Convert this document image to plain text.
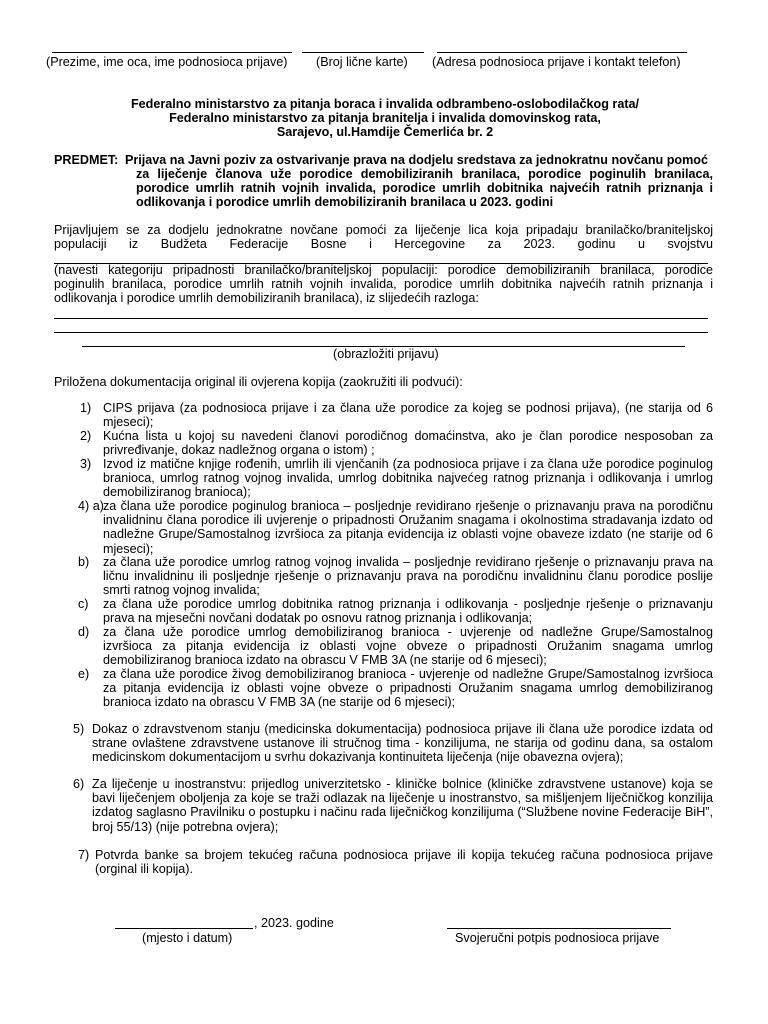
(Prezime, ime oca, ime podnosioca prijave) (Broj lične karte) (Adresa podnosioca prijave i kontakt telefon)
Federalno ministarstvo za pitanja boraca i invalida odbrambeno-oslobodilačkog rata/
Federalno ministarstvo za pitanja branitelja i invalida domovinskog rata,
Sarajevo, ul.Hamdije Čemerlića br. 2
PREDMET: Prijava na Javni poziv za ostvarivanje prava na dodjelu sredstava za jednokratnu novčanu pomoć
za liječenje članova uže porodice demobiliziranih branilaca, porodice poginulih branilaca, porodice umrlih ratnih vojnih invalida, porodice umrlih dobitnika najvećih ratnih priznanja i odlikovanja i porodice umrlih demobiliziranih branilaca u 2023. godini
Prijavljujem se za dodjelu jednokratne novčane pomoći za liječenje lica koja pripadaju branilačko/braniteljskoj
populaciji iz Budžeta Federacije Bosne i Hercegovine za 2023. godinu u svojstvu
(navesti kategoriju pripadnosti branilačko/braniteljskoj populaciji: porodice demobiliziranih branilaca, porodice poginulih branilaca, porodice umrlih ratnih vojnih invalida, porodice umrlih dobitnika najvećih ratnih priznanja i odlikovanja i porodice umrlih demobiliziranih branilaca), iz slijedećih razloga:
(obrazložiti prijavu)
Priložena dokumentacija original ili ovjerena kopija (zaokružiti ili podvući):
1) CIPS prijava (za podnosioca prijave i za člana uže porodice za kojeg se podnosi prijava), (ne starija od 6 mjeseci);
2) Kućna lista u kojoj su navedeni članovi porodičnog domaćinstva, ako je član porodice nesposoban za privređivanje, dokaz nadležnog organa o istom) ;
3) Izvod iz matične knjige rođenih, umrlih ili vjenčanih (za podnosioca prijave i za člana uže porodice poginulog branioca, umrlog ratnog vojnog invalida, umrlog dobitnika najvećeg ratnog priznanja i odlikovanja i umrlog demobiliziranog branioca);
4) a) za člana uže porodice poginulog branioca – posljednje revidirano rješenje o priznavanju prava na porodičnu invalidninu člana porodice ili uvjerenje o pripadnosti Oružanim snagama i okolnostima stradavanja izdato od nadležne Grupe/Samostalnog izvršioca za pitanja evidencija iz oblasti vojne obaveze izdato (ne starije od 6 mjeseci);
b) za člana uže porodice umrlog ratnog vojnog invalida – posljednje revidirano rješenje o priznavanju prava na ličnu invalidninu ili posljednje rješenje o priznavanju prava na porodičnu invalidninu članu porodice poslije smrti ratnog vojnog invalida;
c) za člana uže porodice umrlog dobitnika ratnog priznanja i odlikovanja - posljednje rješenje o priznavanju prava na mjesečni novčani dodatak po osnovu ratnog priznanja i odlikovanja;
d) za člana uže porodice umrlog demobiliziranog branioca - uvjerenje od nadležne Grupe/Samostalnog izvršioca za pitanja evidencija iz oblasti vojne obveze o pripadnosti Oružanim snagama umrlog demobiliziranog branioca izdato na obrascu V FMB 3A (ne starije od 6 mjeseci);
e) za člana uže porodice živog demobiliziranog branioca - uvjerenje od nadležne Grupe/Samostalnog izvršioca za pitanja evidencija iz oblasti vojne obveze o pripadnosti Oružanim snagama umrlog demobiliziranog branioca izdato na obrascu V FMB 3A (ne starije od 6 mjeseci);
5) Dokaz o zdravstvenom stanju (medicinska dokumentacija) podnosioca prijave ili člana uže porodice izdata od strane ovlaštene zdravstvene ustanove ili stručnog tima - konzilijuma, ne starija od godinu dana, sa ostalom medicinskom dokumentacijom u svrhu dokazivanja kontinuiteta liječenja (nije obavezna ovjera);
6) Za liječenje u inostranstvu: prijedlog univerzitetsko - kliničke bolnice (kliničke zdravstvene ustanove) koja se bavi liječenjem oboljenja za koje se traži odlazak na liječenje u inostranstvo, sa mišljenjem liječničkog konzilija izdatog saglasno Pravilniku o postupku i načinu rada liječničkog konzilijuma (“Službene novine Federacije BiH”, broj 55/13) (nije potrebna ovjera);
7) Potvrda banke sa brojem tekućeg računa podnosioca prijave ili kopija tekućeg računa podnosioca prijave (orginal ili kopija).
, 2023. godine
(mjesto i datum)	Svojeručni potpis podnosioca prijave
